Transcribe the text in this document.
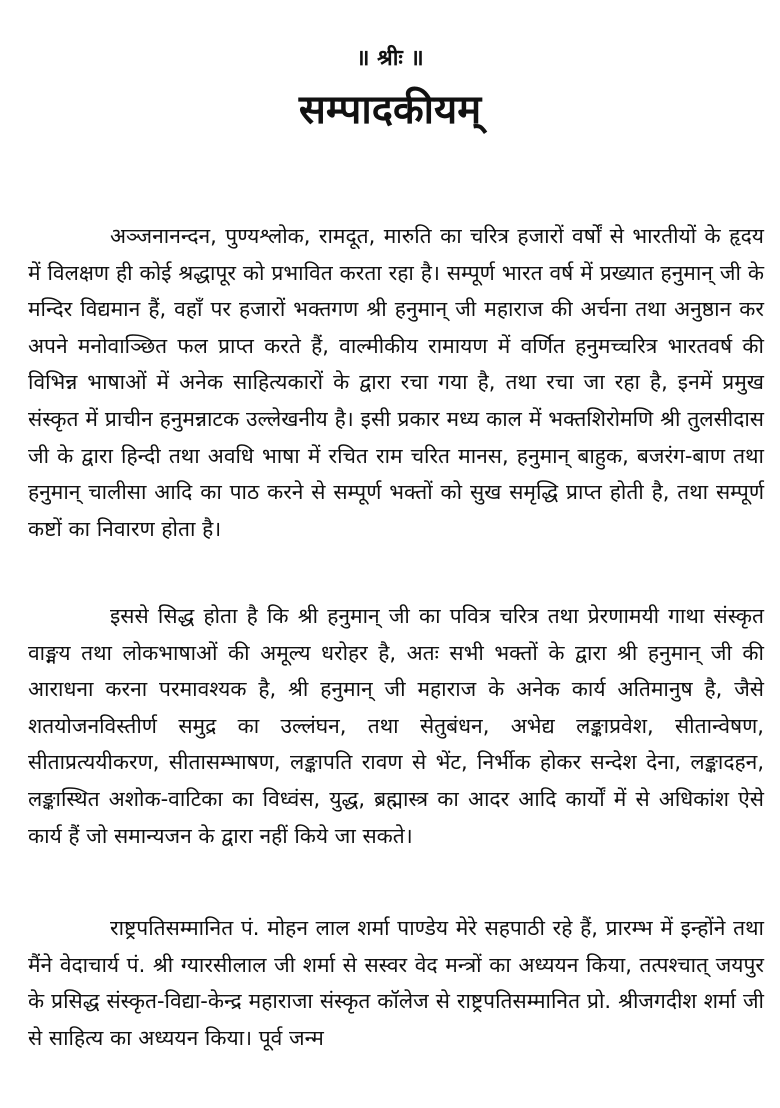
॥ श्रीः ॥
सम्पादकीयम्

अञ्जनानन्दन, पुण्यश्लोक, रामदूत, मारुति का चरित्र हजारों वर्षों से भारतीयों के हृदय में विलक्षण ही कोई श्रद्धापूर को प्रभावित करता रहा है। सम्पूर्ण भारत वर्ष में प्रख्यात हनुमान् जी के मन्दिर विद्यमान हैं, वहाँ पर हजारों भक्तगण श्री हनुमान् जी महाराज की अर्चना तथा अनुष्ठान कर अपने मनोवाञ्छित फल प्राप्त करते हैं, वाल्मीकीय रामायण में वर्णित हनुमच्चरित्र भारतवर्ष की विभिन्न भाषाओं में अनेक साहित्यकारों के द्वारा रचा गया है, तथा रचा जा रहा है, इनमें प्रमुख संस्कृत में प्राचीन हनुमन्नाटक उल्लेखनीय है। इसी प्रकार मध्य काल में भक्तशिरोमणि श्री तुलसीदास जी के द्वारा हिन्दी तथा अवधि भाषा में रचित राम चरित मानस, हनुमान् बाहुक, बजरंग-बाण तथा हनुमान् चालीसा आदि का पाठ करने से सम्पूर्ण भक्तों को सुख समृद्धि प्राप्त होती है, तथा सम्पूर्ण कष्टों का निवारण होता है।

इससे सिद्ध होता है कि श्री हनुमान् जी का पवित्र चरित्र तथा प्रेरणामयी गाथा संस्कृत वाङ्मय तथा लोकभाषाओं की अमूल्य धरोहर है, अतः सभी भक्तों के द्वारा श्री हनुमान् जी की आराधना करना परमावश्यक है, श्री हनुमान् जी महाराज के अनेक कार्य अतिमानुष है, जैसे शतयोजनविस्तीर्ण समुद्र का उल्लंघन, तथा सेतुबंधन, अभेद्य लङ्काप्रवेश, सीतान्वेषण, सीताप्रत्ययीकरण, सीतासम्भाषण, लङ्कापति रावण से भेंट, निर्भीक होकर सन्देश देना, लङ्कादहन, लङ्कास्थित अशोक-वाटिका का विध्वंस, युद्ध, ब्रह्मास्त्र का आदर आदि कार्यों में से अधिकांश ऐसे कार्य हैं जो समान्यजन के द्वारा नहीं किये जा सकते।

राष्ट्रपतिसम्मानित पं. मोहन लाल शर्मा पाण्डेय मेरे सहपाठी रहे हैं, प्रारम्भ में इन्होंने तथा मैंने वेदाचार्य पं. श्री ग्यारसीलाल जी शर्मा से सस्वर वेद मन्त्रों का अध्ययन किया, तत्पश्चात् जयपुर के प्रसिद्ध संस्कृत-विद्या-केन्द्र महाराजा संस्कृत कॉलेज से राष्ट्रपतिसम्मानित प्रो. श्रीजगदीश शर्मा जी से साहित्य का अध्ययन किया। पूर्व जन्म
